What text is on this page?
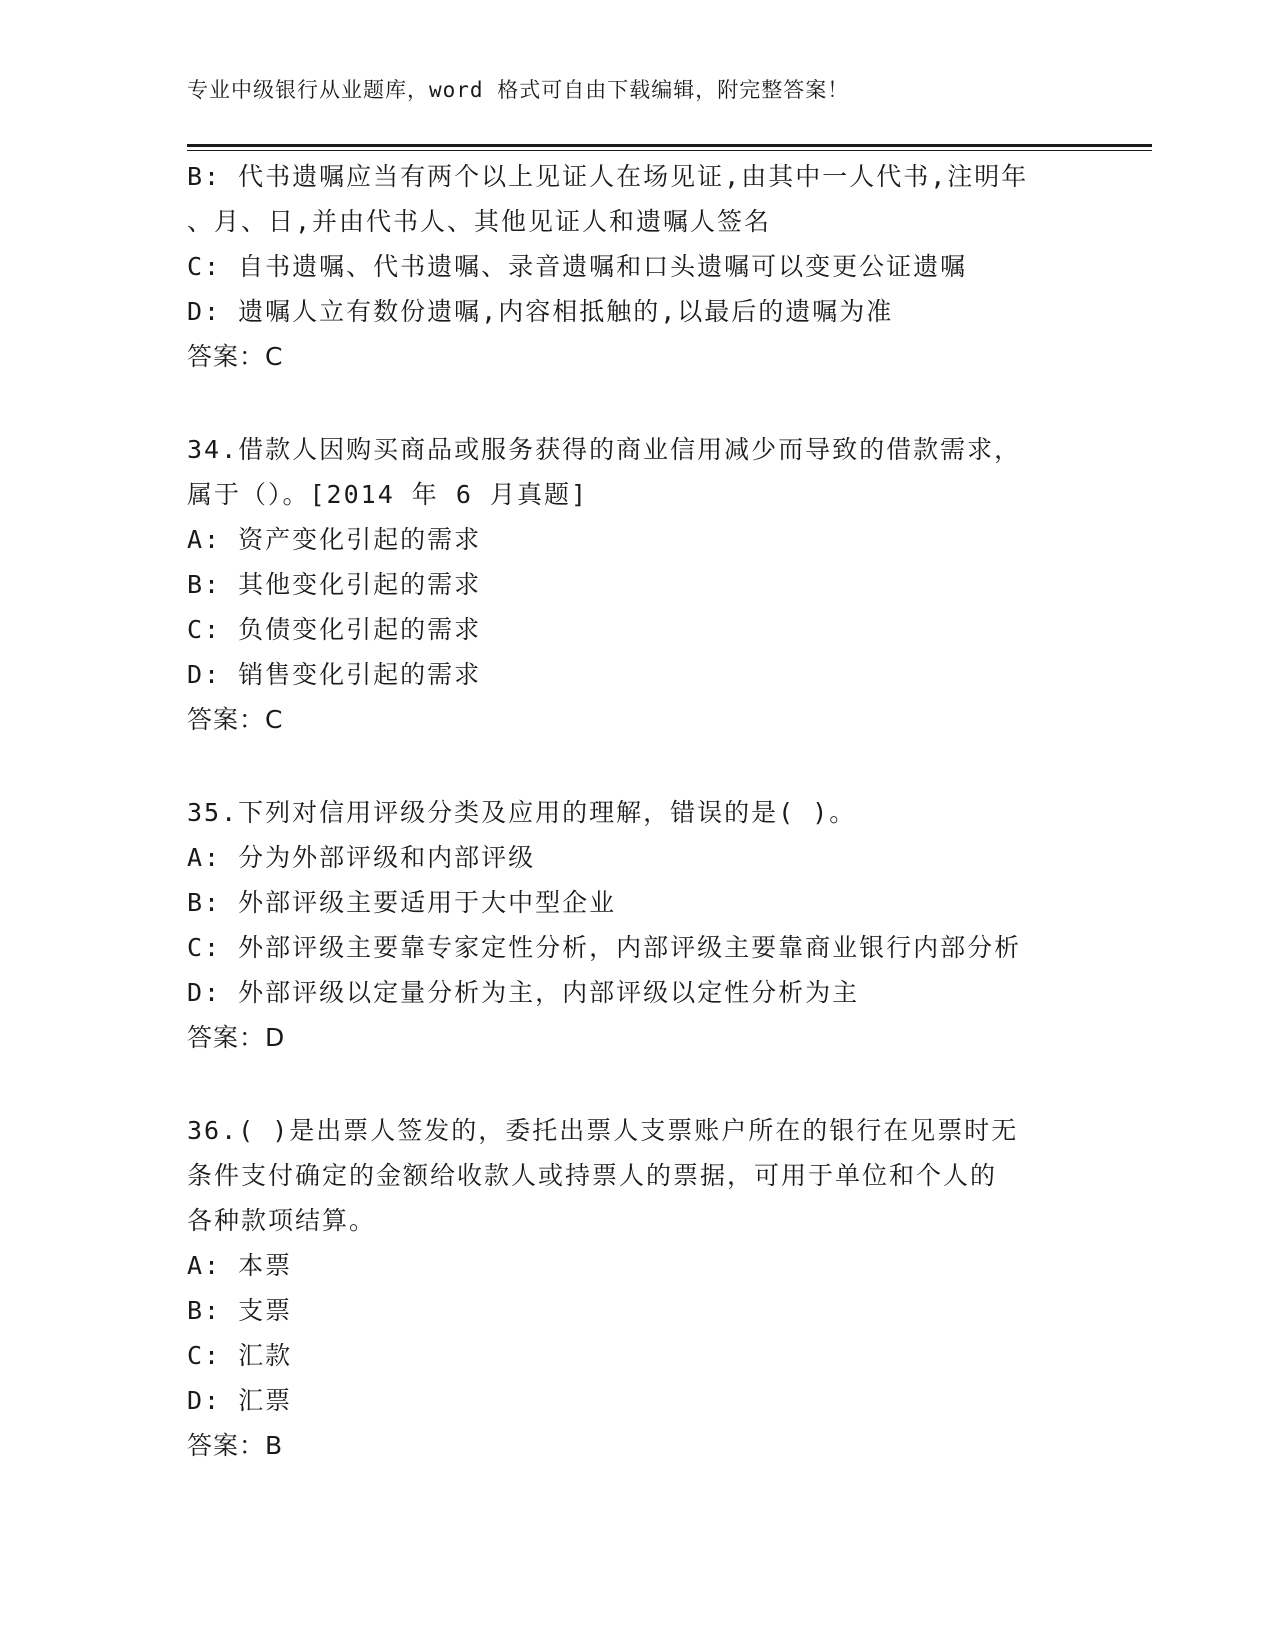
专业中级银行从业题库，word 格式可自由下载编辑，附完整答案！
B: 代书遗嘱应当有两个以上见证人在场见证,由其中一人代书,注明年
、月、日,并由代书人、其他见证人和遗嘱人签名
C: 自书遗嘱、代书遗嘱、录音遗嘱和口头遗嘱可以变更公证遗嘱
D: 遗嘱人立有数份遗嘱,内容相抵触的,以最后的遗嘱为准
答案：C
34.借款人因购买商品或服务获得的商业信用减少而导致的借款需求，
属于（）。[2014 年 6 月真题]
A: 资产变化引起的需求
B: 其他变化引起的需求
C: 负债变化引起的需求
D: 销售变化引起的需求
答案：C
35.下列对信用评级分类及应用的理解，错误的是( )。
A: 分为外部评级和内部评级
B: 外部评级主要适用于大中型企业
C: 外部评级主要靠专家定性分析，内部评级主要靠商业银行内部分析
D: 外部评级以定量分析为主，内部评级以定性分析为主
答案：D
36.( )是出票人签发的，委托出票人支票账户所在的银行在见票时无
条件支付确定的金额给收款人或持票人的票据，可用于单位和个人的
各种款项结算。
A: 本票
B: 支票
C: 汇款
D: 汇票
答案：B
